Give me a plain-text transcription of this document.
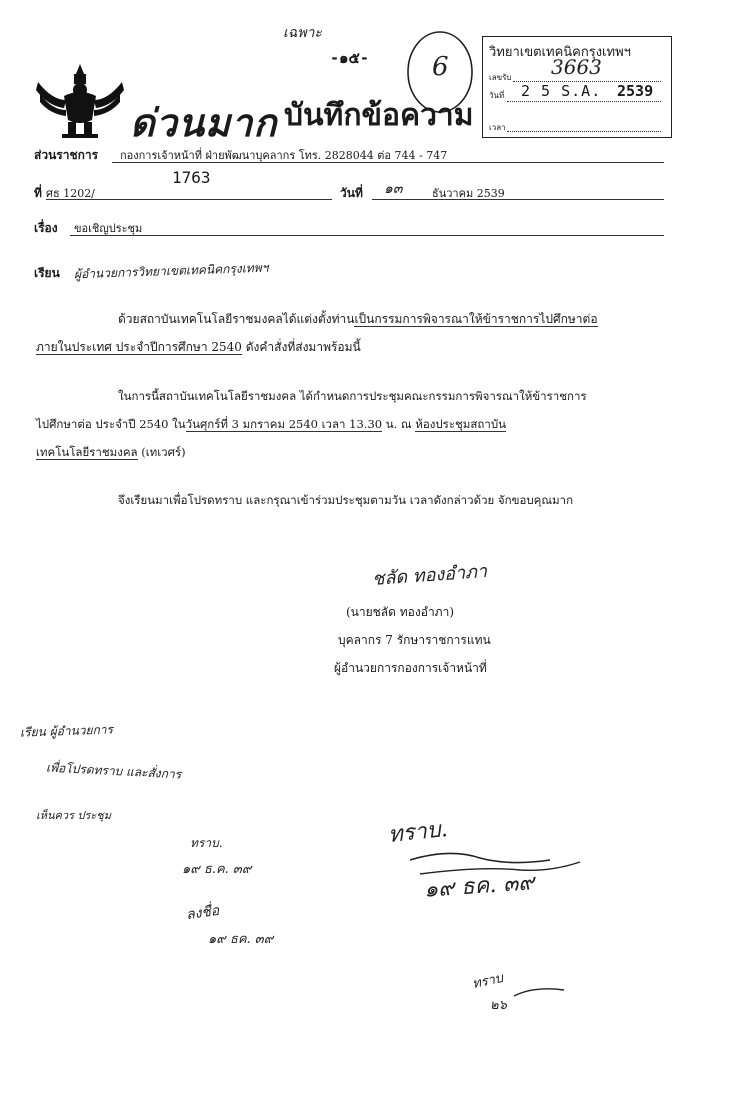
เฉพาะ
-๑๕- 6
ด่วนมาก บันทึกข้อความ
วิทยาเขตเทคนิคกรุงเทพฯ
เลขรับ 3663
วันที่ 2 5 S.A. 2539
เวลา
ส่วนราชการ กองการเจ้าหน้าที่ ฝ่ายพัฒนาบุคลากร โทร. 2828044 ต่อ 744 - 747
ที่ ศธ 1202/
1763
วันที่ ๑๓	ธันวาคม 2539
เรื่อง ขอเชิญประชุม
เรียน ผู้อำนวยการวิทยาเขตเทคนิคกรุงเทพฯ
ด้วยสถาบันเทคโนโลยีราชมงคลได้แต่งตั้งท่านเป็นกรรมการพิจารณาให้ข้าราชการไปศึกษาต่อ
ภายในประเทศ ประจำปีการศึกษา 2540 ดังคำสั่งที่ส่งมาพร้อมนี้
ในการนี้สถาบันเทคโนโลยีราชมงคล ได้กำหนดการประชุมคณะกรรมการพิจารณาให้ข้าราชการ
ไปศึกษาต่อ ประจำปี 2540 ในวันศุกร์ที่ 3 มกราคม 2540 เวลา 13.30 น. ณ ห้องประชุมสถาบัน
เทคโนโลยีราชมงคล (เทเวศร์)
จึงเรียนมาเพื่อโปรดทราบ และกรุณาเข้าร่วมประชุมตามวัน เวลาดังกล่าวด้วย จักขอบคุณมาก
ชลัด ทองอำภา
(นายชลัด ทองอำภา)
บุคลากร 7 รักษาราชการแทน
ผู้อำนวยการกองการเจ้าหน้าที่
เรียน ผู้อำนวยการ
เพื่อโปรดทราบ และสั่งการ
เห็นควร ประชุม
ทราบ.
๑๙ ธ.ค. ๓๙
ลงชื่อ
๑๙ ธค. ๓๙
ทราบ.
๑๙ ธค. ๓๙
ทราบ
๒๖
